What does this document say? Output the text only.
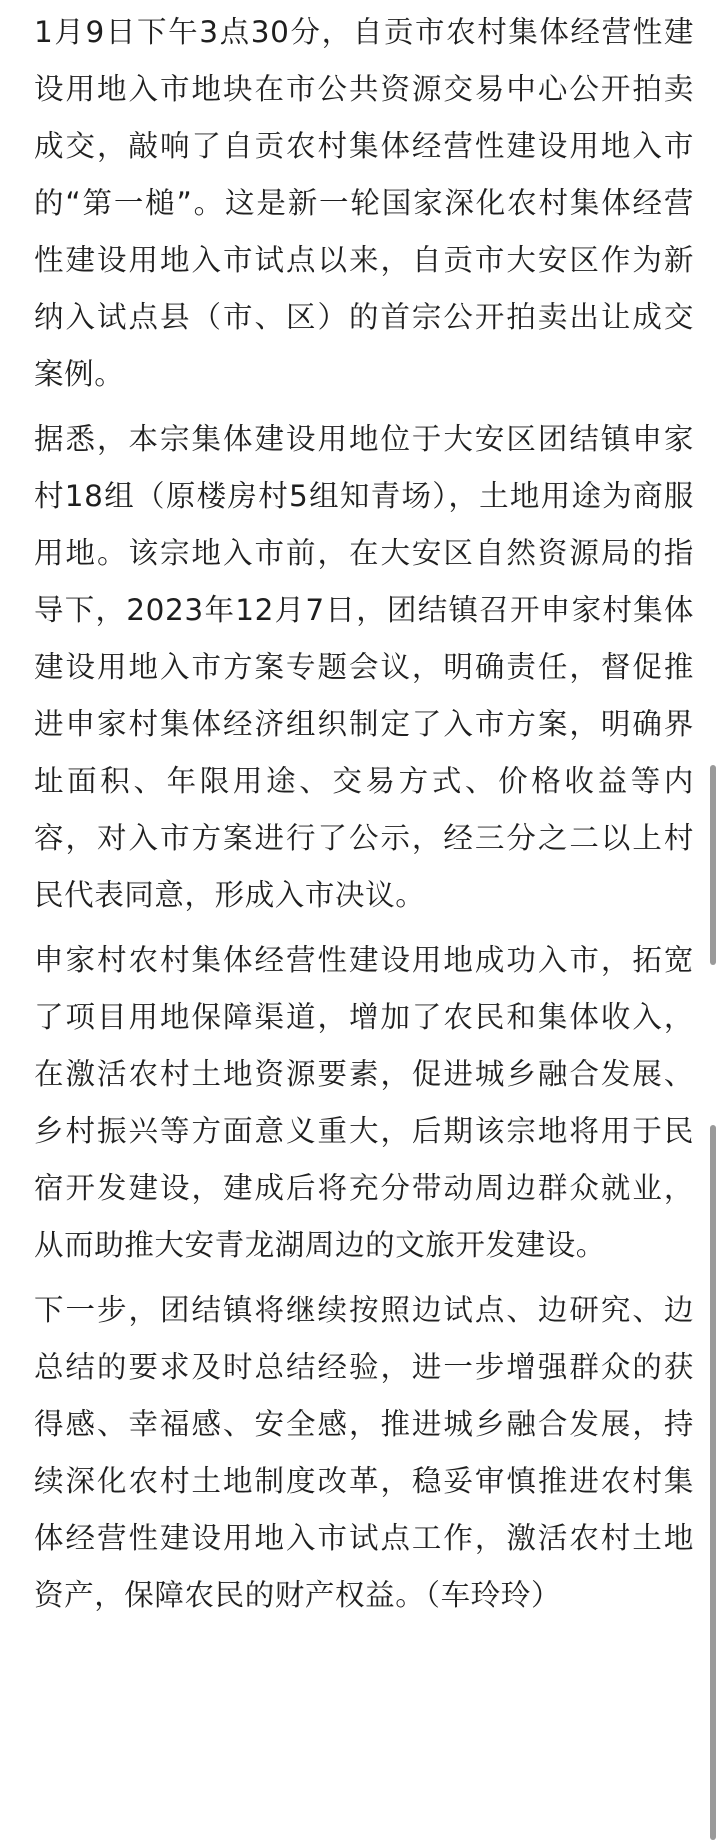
1月9日下午3点30分，自贡市农村集体经营性建设用地入市地块在市公共资源交易中心公开拍卖成交，敲响了自贡农村集体经营性建设用地入市的“第一槌”。这是新一轮国家深化农村集体经营性建设用地入市试点以来，自贡市大安区作为新纳入试点县（市、区）的首宗公开拍卖出让成交案例。

据悉，本宗集体建设用地位于大安区团结镇申家村18组（原楼房村5组知青场），土地用途为商服用地。该宗地入市前，在大安区自然资源局的指导下，2023年12月7日，团结镇召开申家村集体建设用地入市方案专题会议，明确责任，督促推进申家村集体经济组织制定了入市方案，明确界址面积、年限用途、交易方式、价格收益等内容，对入市方案进行了公示，经三分之二以上村民代表同意，形成入市决议。

申家村农村集体经营性建设用地成功入市，拓宽了项目用地保障渠道，增加了农民和集体收入，在激活农村土地资源要素，促进城乡融合发展、乡村振兴等方面意义重大，后期该宗地将用于民宿开发建设，建成后将充分带动周边群众就业，从而助推大安青龙湖周边的文旅开发建设。

下一步，团结镇将继续按照边试点、边研究、边总结的要求及时总结经验，进一步增强群众的获得感、幸福感、安全感，推进城乡融合发展，持续深化农村土地制度改革，稳妥审慎推进农村集体经营性建设用地入市试点工作，激活农村土地资产，保障农民的财产权益。（车玲玲）
